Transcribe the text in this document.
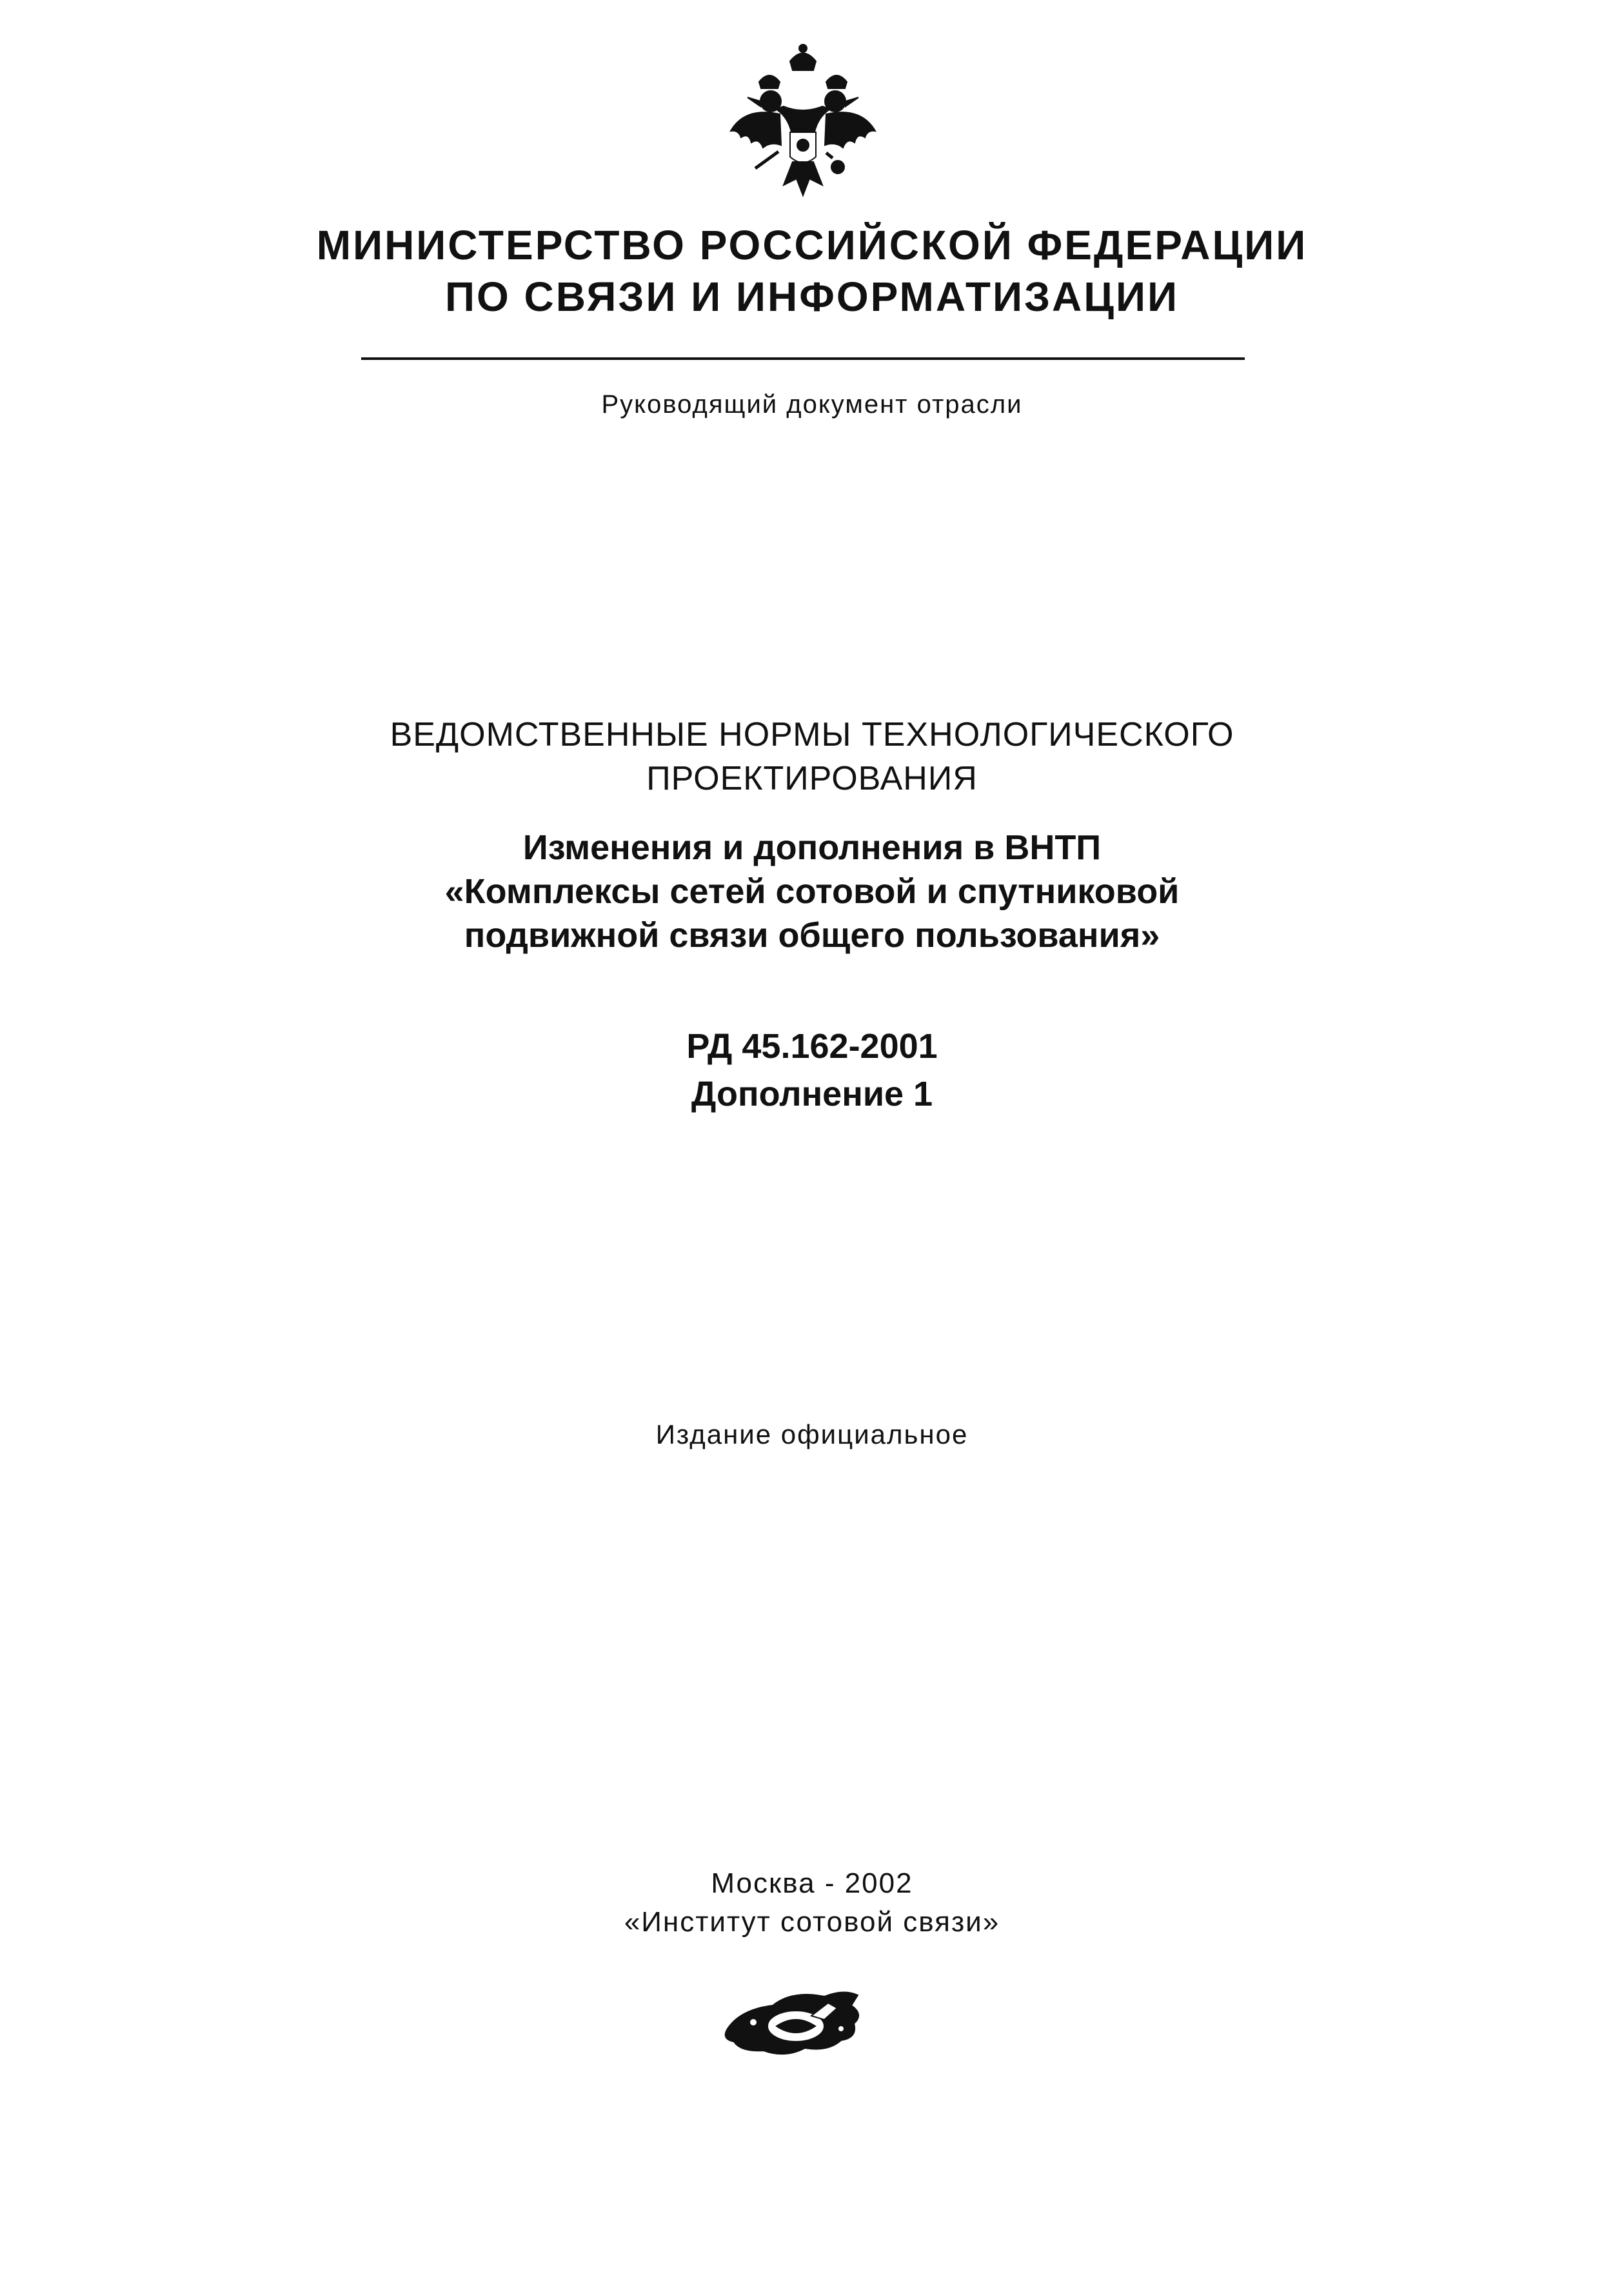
МИНИСТЕРСТВО РОССИЙСКОЙ ФЕДЕРАЦИИ
ПО СВЯЗИ И ИНФОРМАТИЗАЦИИ
Руководящий документ отрасли
ВЕДОМСТВЕННЫЕ НОРМЫ ТЕХНОЛОГИЧЕСКОГО
ПРОЕКТИРОВАНИЯ
Изменения и дополнения в ВНТП
«Комплексы сетей сотовой и спутниковой
подвижной связи общего пользования»
РД 45.162-2001
Дополнение 1
Издание официальное
Москва - 2002
«Институт сотовой связи»
